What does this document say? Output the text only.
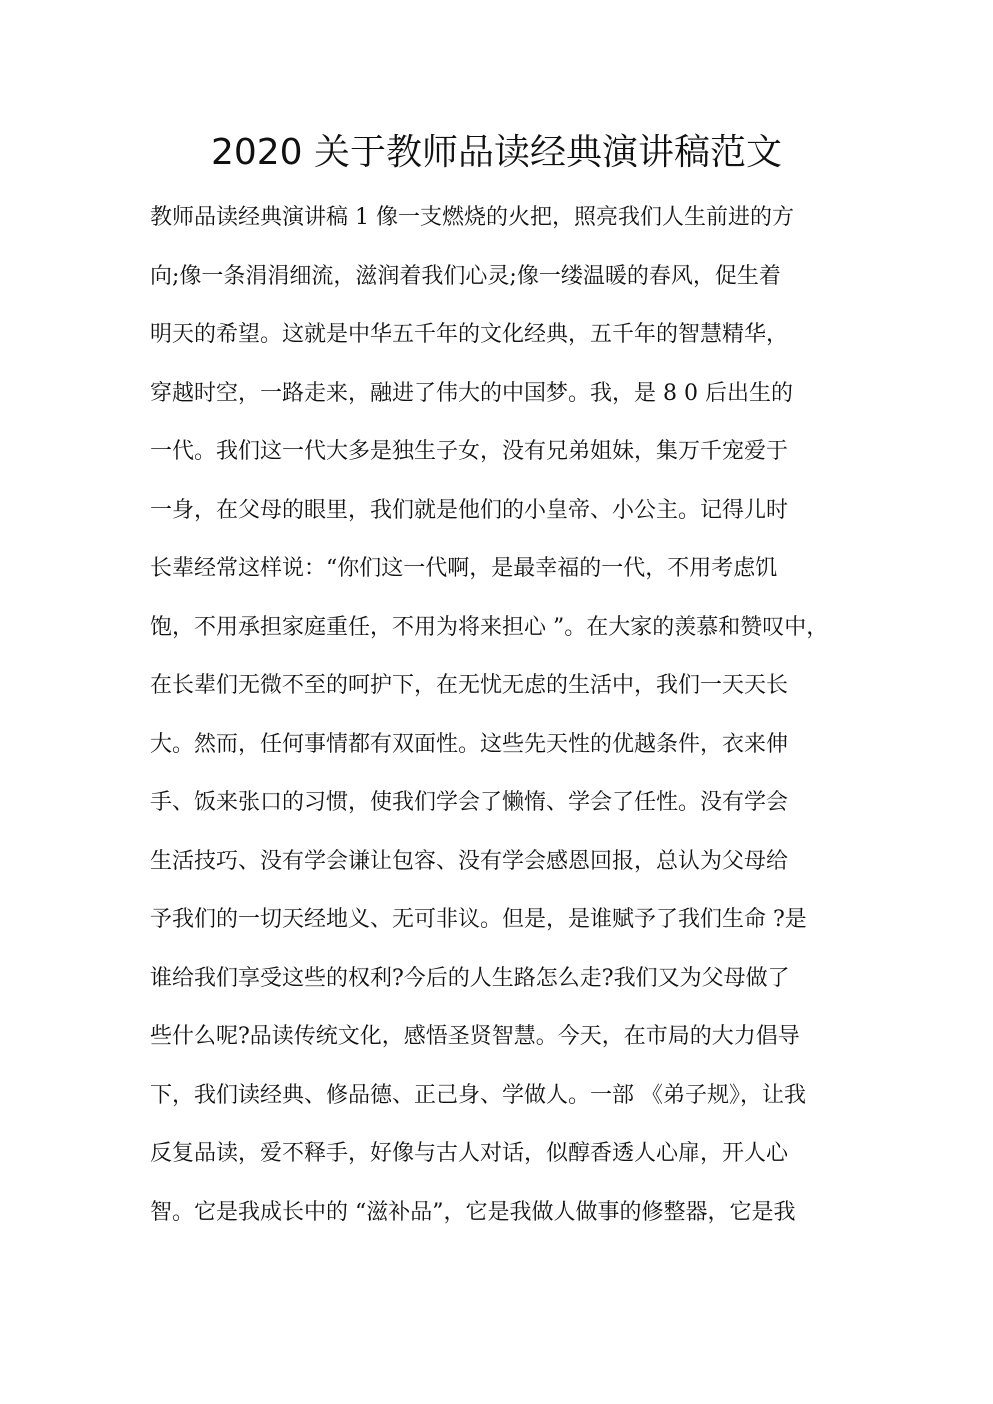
2020 关于教师品读经典演讲稿范文
教师品读经典演讲稿 1 像一支燃烧的火把，照亮我们人生前进的方
向;像一条涓涓细流，滋润着我们心灵;像一缕温暖的春风，促生着
明天的希望。这就是中华五千年的文化经典，五千年的智慧精华，
穿越时空，一路走来，融进了伟大的中国梦。我，是 8 0 后出生的
一代。我们这一代大多是独生子女，没有兄弟姐妹，集万千宠爱于
一身，在父母的眼里，我们就是他们的小皇帝、小公主。记得儿时
长辈经常这样说：“你们这一代啊，是最幸福的一代，不用考虑饥
饱，不用承担家庭重任，不用为将来担心 ”。在大家的羡慕和赞叹中，
在长辈们无微不至的呵护下，在无忧无虑的生活中，我们一天天长
大。然而，任何事情都有双面性。这些先天性的优越条件，衣来伸
手、饭来张口的习惯，使我们学会了懒惰、学会了任性。没有学会
生活技巧、没有学会谦让包容、没有学会感恩回报，总认为父母给
予我们的一切天经地义、无可非议。但是，是谁赋予了我们生命 ?是
谁给我们享受这些的权利?今后的人生路怎么走?我们又为父母做了
些什么呢?品读传统文化，感悟圣贤智慧。今天，在市局的大力倡导
下，我们读经典、修品德、正己身、学做人。一部 《弟子规》，让我
反复品读，爱不释手，好像与古人对话，似醇香透人心扉，开人心
智。它是我成长中的 “滋补品”，它是我做人做事的修整器，它是我
